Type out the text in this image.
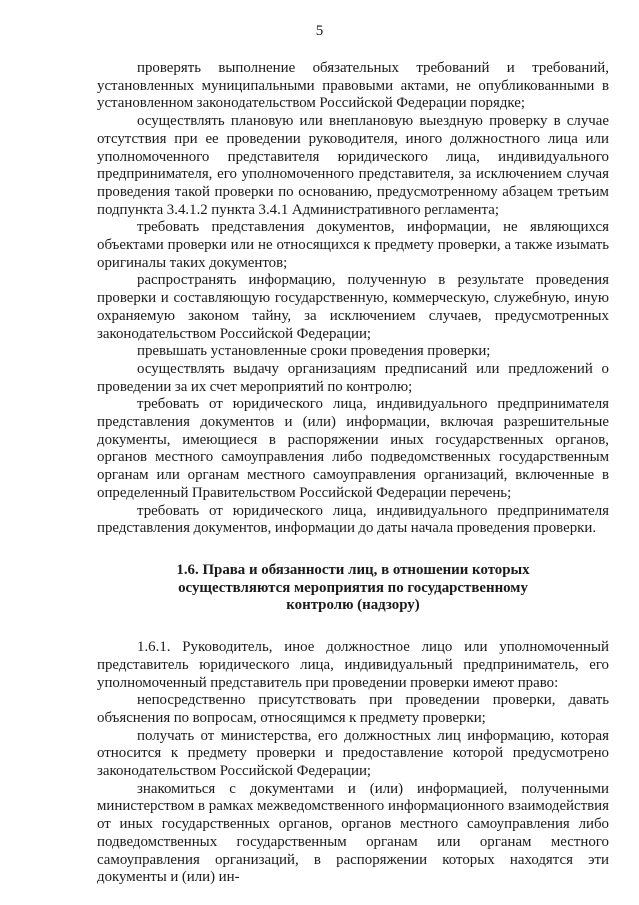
5

проверять выполнение обязательных требований и требований, установленных муниципальными правовыми актами, не опубликованными в установленном законодательством Российской Федерации порядке;

осуществлять плановую или внеплановую выездную проверку в случае отсутствия при ее проведении руководителя, иного должностного лица или уполномоченного представителя юридического лица, индивидуального предпринимателя, его уполномоченного представителя, за исключением случая проведения такой проверки по основанию, предусмотренному абзацем третьим подпункта 3.4.1.2 пункта 3.4.1 Административного регламента;

требовать представления документов, информации, не являющихся объектами проверки или не относящихся к предмету проверки, а также изымать оригиналы таких документов;

распространять информацию, полученную в результате проведения проверки и составляющую государственную, коммерческую, служебную, иную охраняемую законом тайну, за исключением случаев, предусмотренных законодательством Российской Федерации;

превышать установленные сроки проведения проверки;

осуществлять выдачу организациям предписаний или предложений о проведении за их счет мероприятий по контролю;

требовать от юридического лица, индивидуального предпринимателя представления документов и (или) информации, включая разрешительные документы, имеющиеся в распоряжении иных государственных органов, органов местного самоуправления либо подведомственных государственным органам или органам местного самоуправления организаций, включенные в определенный Правительством Российской Федерации перечень;

требовать от юридического лица, индивидуального предпринимателя представления документов, информации до даты начала проведения проверки.

1.6. Права и обязанности лиц, в отношении которых
осуществляются мероприятия по государственному
контролю (надзору)

1.6.1. Руководитель, иное должностное лицо или уполномоченный представитель юридического лица, индивидуальный предприниматель, его уполномоченный представитель при проведении проверки имеют право:

непосредственно присутствовать при проведении проверки, давать объяснения по вопросам, относящимся к предмету проверки;

получать от министерства, его должностных лиц информацию, которая относится к предмету проверки и предоставление которой предусмотрено законодательством Российской Федерации;

знакомиться с документами и (или) информацией, полученными министерством в рамках межведомственного информационного взаимодействия от иных государственных органов, органов местного самоуправления либо подведомственных государственным органам или органам местного самоуправления организаций, в распоряжении которых находятся эти документы и (или) ин-
